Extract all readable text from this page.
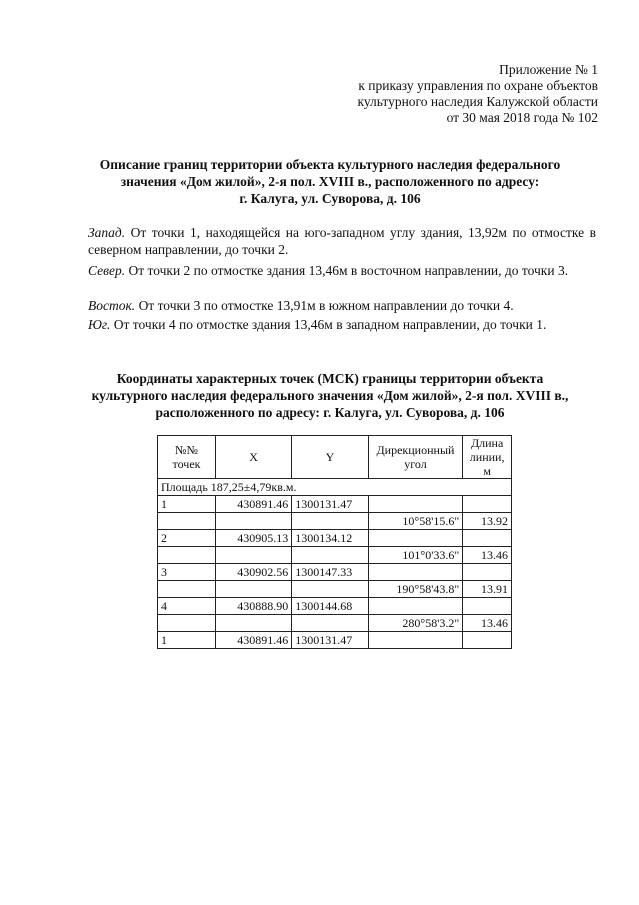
Приложение № 1
к приказу управления по охране объектов
культурного наследия Калужской области
от 30 мая 2018 года № 102
Описание границ территории объекта культурного наследия федерального
значения «Дом жилой», 2-я пол. XVIII в., расположенного по адресу:
г. Калуга, ул. Суворова, д. 106
Запад. От точки 1, находящейся на юго-западном углу здания, 13,92м по отмостке в северном направлении, до точки 2.
Север. От точки 2 по отмостке здания 13,46м в восточном направлении, до точки 3.
Восток. От точки 3 по отмостке 13,91м в южном направлении до точки 4.
Юг. От точки 4 по отмостке здания 13,46м в западном направлении, до точки 1.
Координаты характерных точек (МСК) границы территории объекта
культурного наследия федерального значения «Дом жилой», 2-я пол. XVIII в.,
расположенного по адресу: г. Калуга, ул. Суворова, д. 106
№№ точек	X	Y	Дирекционный угол	Длина линии, м
Площадь 187,25±4,79кв.м.				
1	430891.46	1300131.47		
			10°58'15.6"	13.92
2	430905.13	1300134.12		
			101°0'33.6"	13.46
3	430902.56	1300147.33		
			190°58'43.8"	13.91
4	430888.90	1300144.68		
			280°58'3.2"	13.46
1	430891.46	1300131.47		
